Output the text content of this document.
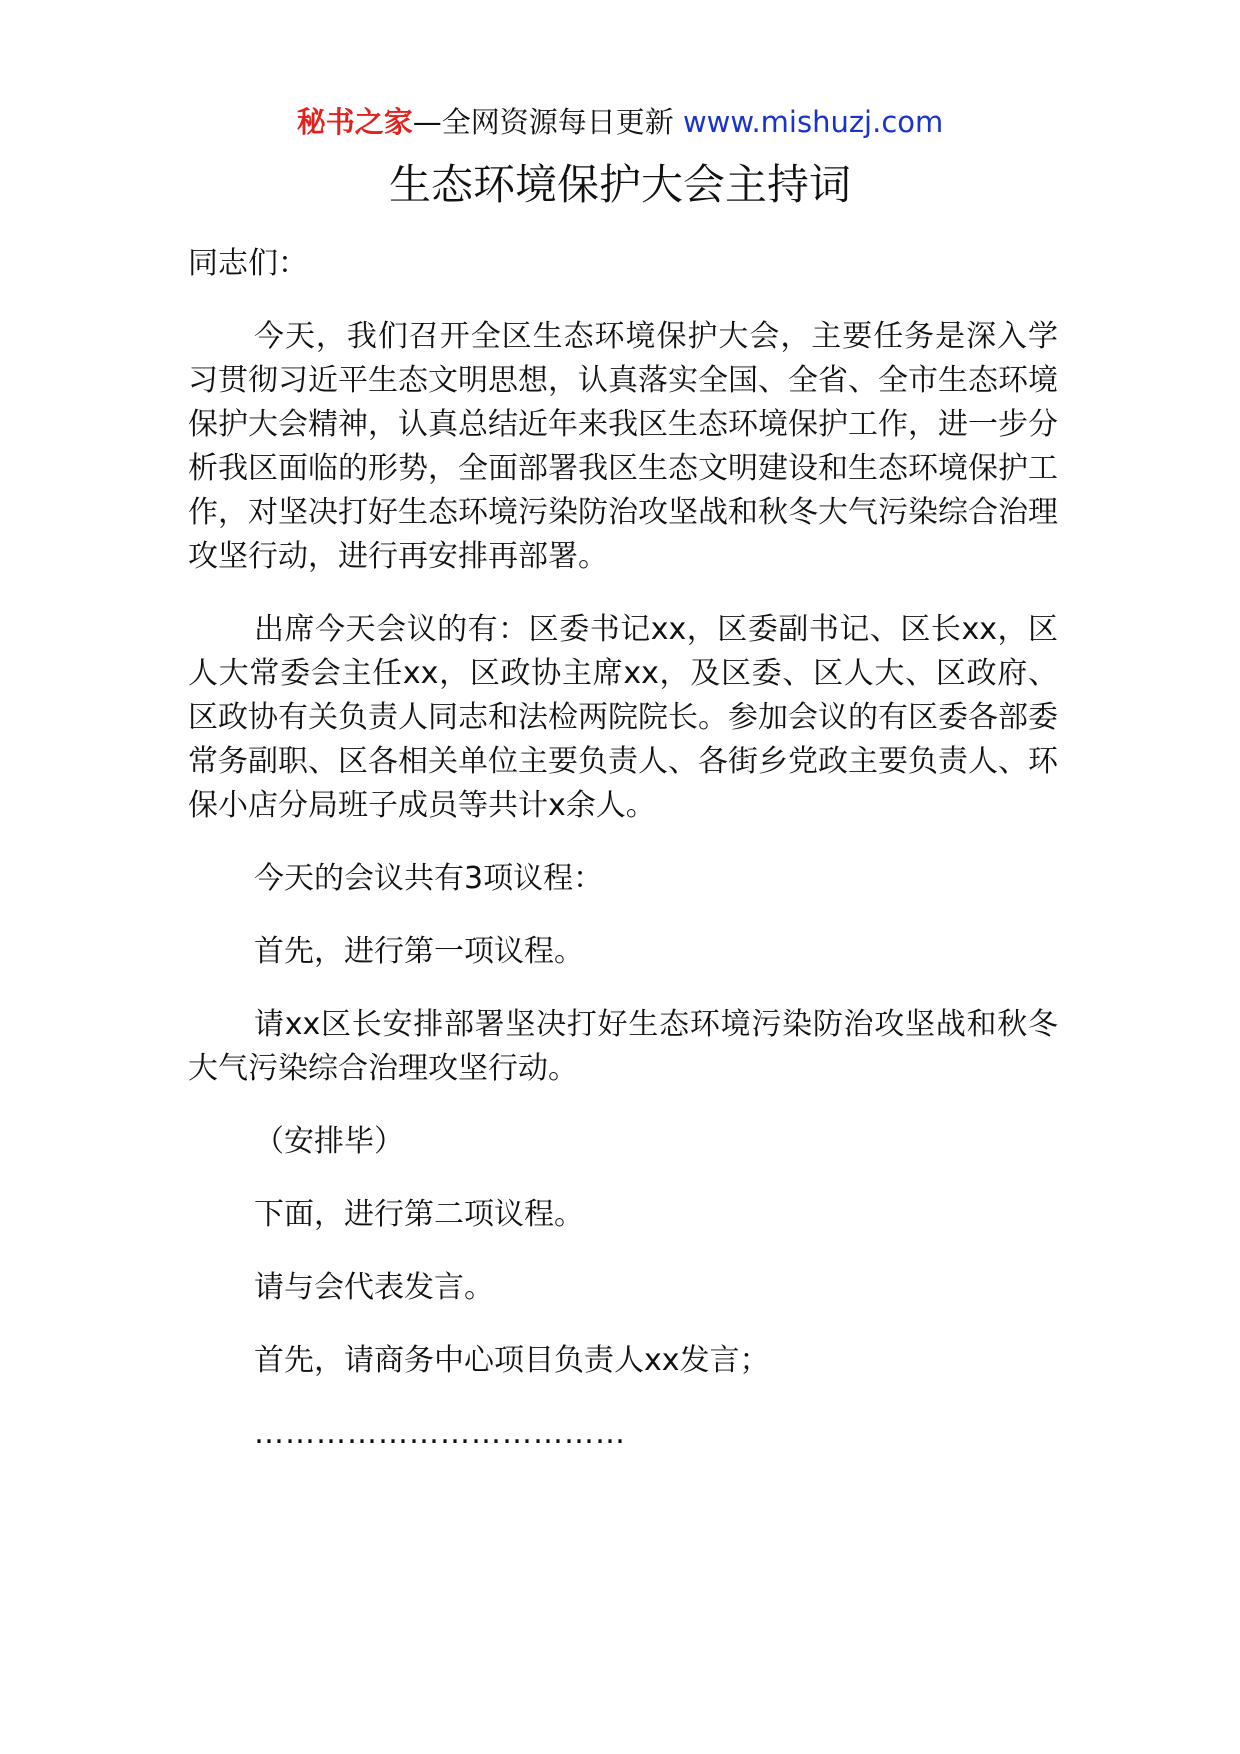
秘书之家—全网资源每日更新 www.mishuzj.com
生态环境保护大会主持词

同志们：

今天，我们召开全区生态环境保护大会，主要任务是深入学习贯彻习近平生态文明思想，认真落实全国、全省、全市生态环境保护大会精神，认真总结近年来我区生态环境保护工作，进一步分析我区面临的形势，全面部署我区生态文明建设和生态环境保护工作，对坚决打好生态环境污染防治攻坚战和秋冬大气污染综合治理攻坚行动，进行再安排再部署。

出席今天会议的有：区委书记xx，区委副书记、区长xx，区人大常委会主任xx，区政协主席xx，及区委、区人大、区政府、区政协有关负责人同志和法检两院院长。参加会议的有区委各部委常务副职、区各相关单位主要负责人、各街乡党政主要负责人、环保小店分局班子成员等共计x余人。

今天的会议共有3项议程：

首先，进行第一项议程。

请xx区长安排部署坚决打好生态环境污染防治攻坚战和秋冬大气污染综合治理攻坚行动。

（安排毕）

下面，进行第二项议程。

请与会代表发言。

首先，请商务中心项目负责人xx发言；

………………………………
